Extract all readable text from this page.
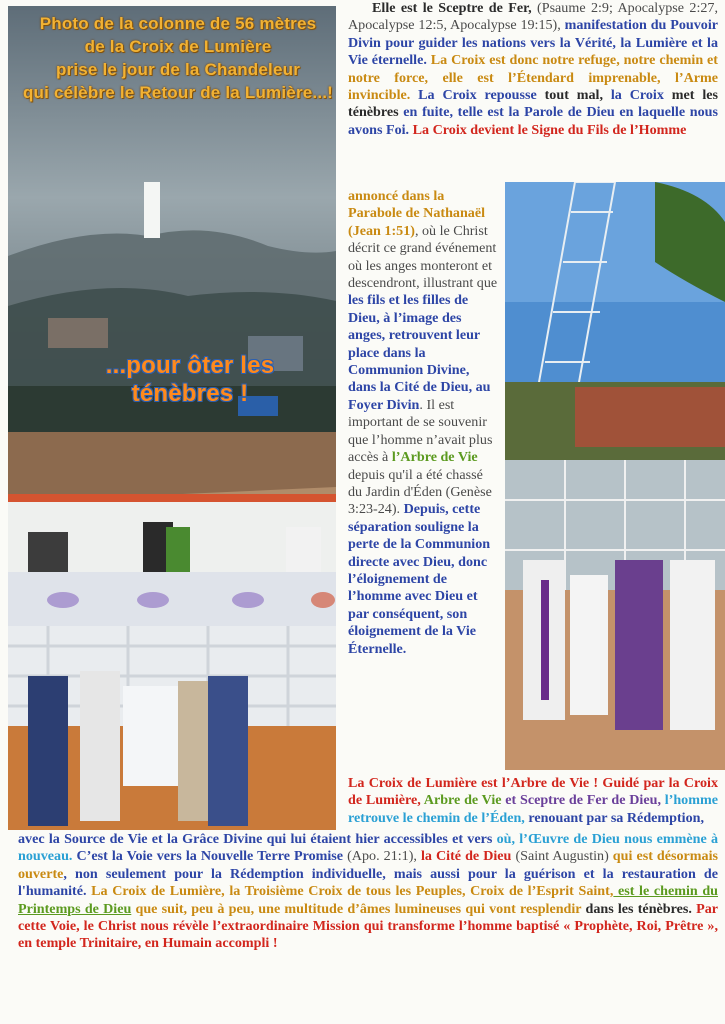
Photo de la colonne de 56 mètres
de la Croix de Lumière
prise le jour de la Chandeleur
qui célèbre le Retour de la Lumière...!
...pour ôter les ténèbres !
Elle est le Sceptre de Fer, (Psaume 2:9; Apocalypse 2:27, Apocalypse 12:5, Apocalypse 19:15), manifestation du Pouvoir Divin pour guider les nations vers la Vérité, la Lumière et la Vie éternelle. La Croix est donc notre refuge, notre chemin et notre force, elle est l’Étendard imprenable, l’Arme invincible. La Croix repousse tout mal, la Croix met les ténèbres en fuite, telle est la Parole de Dieu en laquelle nous avons Foi. La Croix devient le Signe du Fils de l’Homme
annoncé dans la Parabole de Nathanaël (Jean 1:51), où le Christ décrit ce grand événement où les anges monteront et descendront, illustrant que les fils et les filles de Dieu, à l’image des anges, retrouvent leur place dans la Communion Divine, dans la Cité de Dieu, au Foyer Divin. Il est important de se souvenir que l’homme n’avait plus accès à l’Arbre de Vie depuis qu'il a été chassé du Jardin d'Éden (Genèse 3:23-24). Depuis, cette séparation souligne la perte de la Communion directe avec Dieu, donc l’éloignement de l’homme avec Dieu et par conséquent, son éloignement de la Vie Éternelle.
La Croix de Lumière est l’Arbre de Vie ! Guidé par la Croix de Lumière, Arbre de Vie et Sceptre de Fer de Dieu, l’homme retrouve le chemin de l’Éden, renouant par sa Rédemption,
avec la Source de Vie et la Grâce Divine qui lui étaient hier accessibles et vers où, l’Œuvre de Dieu nous emmène à nouveau. C’est la Voie vers la Nouvelle Terre Promise (Apo. 21:1), la Cité de Dieu (Saint Augustin) qui est désormais ouverte, non seulement pour la Rédemption individuelle, mais aussi pour la guérison et la restauration de l'humanité. La Croix de Lumière, la Troisième Croix de tous les Peuples, Croix de l’Esprit Saint, est le chemin du Printemps de Dieu que suit, peu à peu, une multitude d’âmes lumineuses qui vont resplendir dans les ténèbres. Par cette Voie, le Christ nous révèle l’extraordinaire Mission qui transforme l’homme baptisé « Prophète, Roi, Prêtre », en temple Trinitaire, en Humain accompli !
